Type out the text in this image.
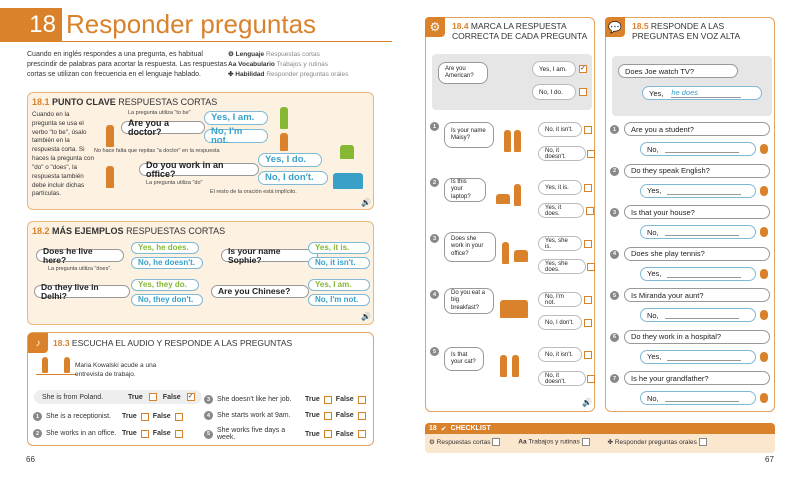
18 Responder preguntas
Cuando en inglés respondes a una pregunta, es habitual prescindir de palabras para acortar la respuesta. Las respuestas cortas se utilizan con frecuencia en el lenguaje hablado.
⚙ Lenguaje Respuestas cortas
Aa Vocabulario Trabajos y rutinas
✤ Habilidad Responder preguntas orales
18.1 PUNTO CLAVE RESPUESTAS CORTAS
Cuando en la pregunta se usa el verbo "to be", úsalo también en la respuesta corta. Si haces la pregunta con "do" o "does", la respuesta también debe incluir dichas partículas.
La pregunta utiliza "to be"
Are you a doctor?
Yes, I am.
No, I'm not.
No hace falta que repitas "a doctor" en la respuesta
Do you work in an office?
Yes, I do.
No, I don't.
La pregunta utiliza "do"
El resto de la oración está implícito.
🔊
18.2 MÁS EJEMPLOS RESPUESTAS CORTAS
Does he live here?
Yes, he does.
No, he doesn't.
La pregunta utiliza "does".
Is your name Sophie?
Yes, it is.
No, it isn't.
Do they live in Delhi?
Yes, they do.
No, they don't.
Are you Chinese?
Yes, I am.
No, I'm not.
🔊
♪	18.3 ESCUCHA EL AUDIO Y RESPONDE A LAS PREGUNTAS
Maria Kowalski acude a una entrevista de trabajo.
She is from Poland.	True	False ✓
1 She is a receptionist.	True False
2 She works in an office. True False
3 She doesn't like her job.	True False
4 She starts work at 9am.	True False
5 She works five days a week.	True False
66
⚙	18.4 MARCA LA RESPUESTA CORRECTA DE CADA PREGUNTA
Are you American?
Yes, I am. ✓
No, I do.
1
Is your name Maisy?
No, it isn't.
No, it doesn't.
2	Is this your laptop?
Yes, it is.
Yes, it does.
3	Does she work in your office?
Yes, she is.
Yes, she does.
4	Do you eat a big breakfast?
No, I'm not.
No, I don't.
5
Is that your cat?
No, it isn't.
No, it doesn't.
🔊
💬	18.5 RESPONDE A LAS PREGUNTAS EN VOZ ALTA
Does Joe watch TV?
Yes, he does
1	Are you a student?
No,
2	Do they speak English?
Yes,
3	Is that your house?
No,
4	Does she play tennis?
Yes,
5	Is Miranda your aunt?
No,
6	Do they work in a hospital?
Yes,
7	Is he your grandfather?
No,
18 ✔ CHECKLIST
⚙ Respuestas cortas	Aa Trabajos y rutinas	✤ Responder preguntas orales
67
